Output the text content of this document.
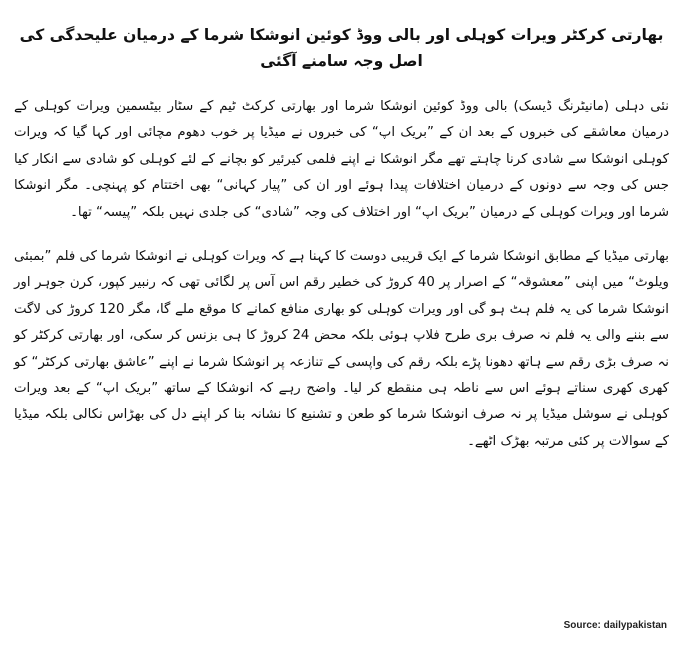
بھارتی کرکٹر ویرات کوہلی اور بالی ووڈ کوئین انوشکا شرما کے درمیان علیحدگی کی اصل وجہ سامنے آگئی

نئی دہلی (مانیٹرنگ ڈیسک) بالی ووڈ کوئین انوشکا شرما اور بھارتی کرکٹ ٹیم کے سٹار بیٹسمین ویرات کوہلی کے درمیان معاشقے کی خبروں کے بعد ان کے ”بریک اپ“ کی خبروں نے میڈیا پر خوب دھوم مچائی اور کہا گیا کہ ویرات کوہلی انوشکا سے شادی کرنا چاہتے تھے مگر انوشکا نے اپنے فلمی کیرئیر کو بچانے کے لئے کوہلی کو شادی سے انکار کیا جس کی وجہ سے دونوں کے درمیان اختلافات پیدا ہوئے اور ان کی ”پیار کہانی“ بھی اختتام کو پہنچی۔ مگر انوشکا شرما اور ویرات کوہلی کے درمیان ”بریک اپ“ اور اختلاف کی وجہ ”شادی“ کی جلدی نہیں بلکہ ”پیسہ“ تھا۔

بھارتی میڈیا کے مطابق انوشکا شرما کے ایک قریبی دوست کا کہنا ہے کہ ویرات کوہلی نے انوشکا شرما کی فلم ”بمبئی ویلوٹ“ میں اپنی ”معشوقہ“ کے اصرار پر 40 کروڑ کی خطیر رقم اس آس پر لگائی تھی کہ رنبیر کپور، کرن جوہر اور انوشکا شرما کی یہ فلم ہٹ ہو گی اور ویرات کوہلی کو بھاری منافع کمانے کا موقع ملے گا، مگر 120 کروڑ کی لاگت سے بننے والی یہ فلم نہ صرف بری طرح فلاپ ہوئی بلکہ محض 24 کروڑ کا ہی بزنس کر سکی، اور بھارتی کرکٹر کو نہ صرف بڑی رقم سے ہاتھ دھونا پڑے بلکہ رقم کی واپسی کے تنازعہ پر انوشکا شرما نے اپنے ”عاشق بھارتی کرکٹر“ کو کھری کھری سناتے ہوئے اس سے ناطہ ہی منقطع کر لیا۔ واضح رہے کہ انوشکا کے ساتھ ”بریک اپ“ کے بعد ویرات کوہلی نے سوشل میڈیا پر نہ صرف انوشکا شرما کو طعن و تشنیع کا نشانہ بنا کر اپنے دل کی بھڑاس نکالی بلکہ میڈیا کے سوالات پر کئی مرتبہ بھڑک اٹھے۔

Source: dailypakistan
